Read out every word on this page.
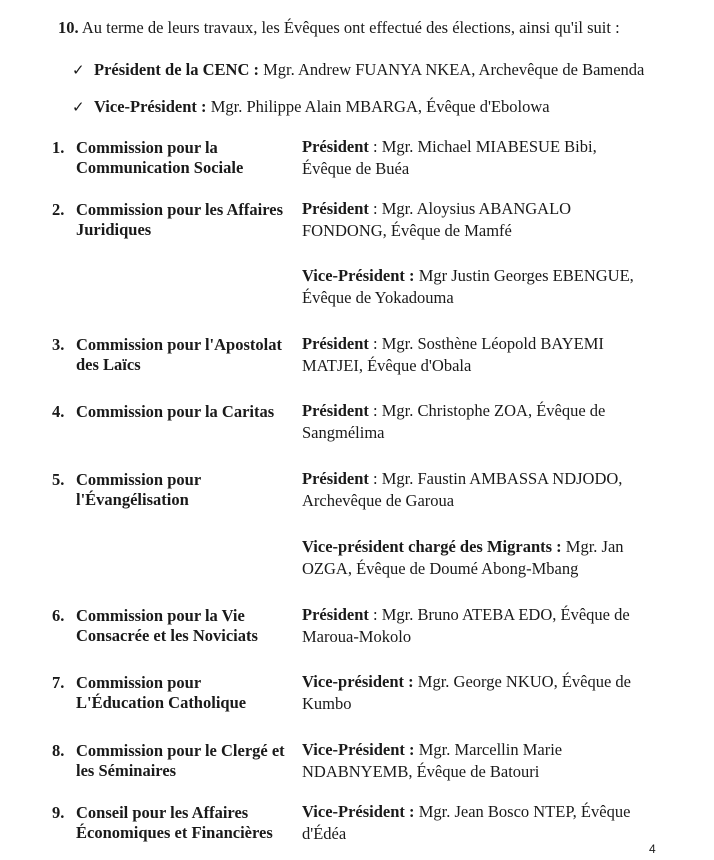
10. Au terme de leurs travaux, les Évêques ont effectué des élections, ainsi qu'il suit :
✓ Président de la CENC : Mgr. Andrew FUANYA NKEA, Archevêque de Bamenda
✓ Vice-Président : Mgr. Philippe Alain MBARGA, Évêque d'Ebolowa
1. Commission pour la Communication Sociale
Président : Mgr. Michael MIABESUE Bibi,
Évêque de Buéa
2. Commission pour les Affaires Juridiques
Président : Mgr. Aloysius ABANGALO
FONDONG, Évêque de Mamfé
Vice-Président : Mgr Justin Georges EBENGUE,
Évêque de Yokadouma
3. Commission pour l'Apostolat des Laïcs
Président : Mgr. Sosthène Léopold BAYEMI
MATJEI, Évêque d'Obala
4. Commission pour la Caritas	Président : Mgr. Christophe ZOA, Évêque de
Sangmélima
5. Commission pour l'Évangélisation
Président : Mgr. Faustin AMBASSA NDJODO,
Archevêque de Garoua
Vice-président chargé des Migrants : Mgr. Jan
OZGA, Évêque de Doumé Abong-Mbang
6. Commission pour la Vie Consacrée et les Noviciats
Président : Mgr. Bruno ATEBA EDO, Évêque de
Maroua-Mokolo
7. Commission pour L'Éducation Catholique
Vice-président : Mgr. George NKUO, Évêque de
Kumbo
8. Commission pour le Clergé et les Séminaires
Vice-Président : Mgr. Marcellin Marie
NDABNYEMB, Évêque de Batouri
9. Conseil pour les Affaires Économiques et Financières
Vice-Président : Mgr. Jean Bosco NTEP, Évêque
d'Édéa
4
